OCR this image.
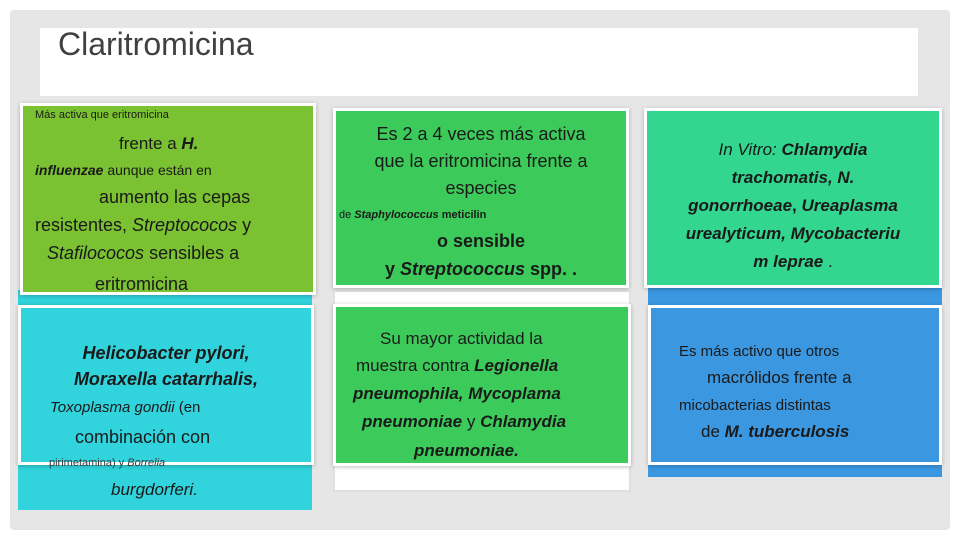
Claritromicina
Más activa que eritromicina
frente a H.
influenzae aunque están en
aumento las cepas
resistentes, Streptococos y
Stafilococos sensibles a
eritromicina
Es 2 a 4 veces más activa
que la eritromicina frente a
especies
de Staphylococcus meticilin
o sensible
y Streptococcus spp. .
In Vitro: Chlamydia
trachomatis, N.
gonorrhoeae, Ureaplasma
urealyticum, Mycobacteriu
m leprae .
Helicobacter pylori,
Moraxella catarrhalis,
Toxoplasma gondii (en
combinación con
pirimetamina) y Borrelia
burgdorferi.
Su mayor actividad la
muestra contra Legionella
pneumophila, Mycoplama
pneumoniae y Chlamydia
pneumoniae.
Es más activo que otros
macrólidos frente a
micobacterias distintas
de M. tuberculosis
